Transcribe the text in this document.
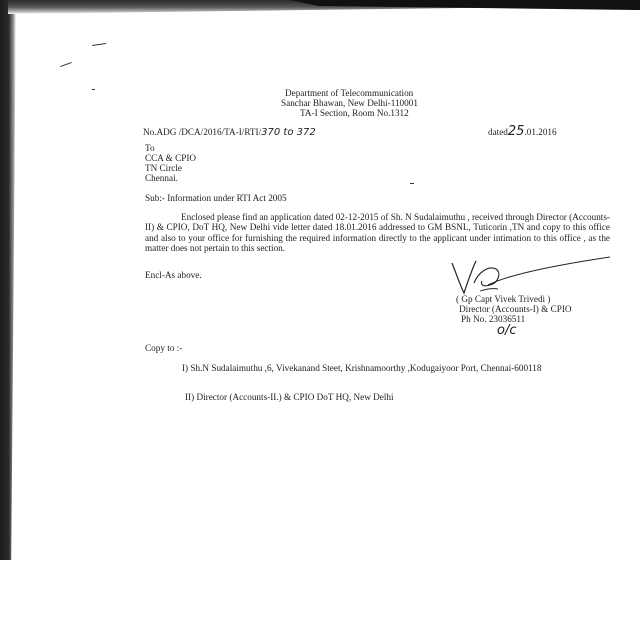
Department of Telecommunication
Sanchar Bhawan, New Delhi-110001
TA-I Section, Room No.1312
No.ADG /DCA/2016/TA-I/RTI/370 to 372	dated25.01.2016
To
CCA & CPIO
TN Circle
Chennai.
Sub:- Information under RTI Act 2005
Enclosed please find an application dated 02-12-2015 of Sh. N Sudalaimuthu , received through Director (Accounts-II) & CPIO, DoT HQ, New Delhi vide letter dated 18.01.2016 addressed to GM BSNL, Tuticorin ,TN and copy to this office and also to your office for furnishing the required information directly to the applicant under intimation to this office , as the matter does not pertain to this section.
Encl-As above.
( Gp Capt Vivek Trivedi )
Director (Accounts-I) & CPIO
Ph No. 23036511
o/c
Copy to :-
I) Sh.N Sudalaimuthu ,6, Vivekanand Steet, Krishnamoorthy ,Kodugaiyoor Port, Chennai-600118
II) Director (Accounts-II.) & CPIO DoT HQ, New Delhi
